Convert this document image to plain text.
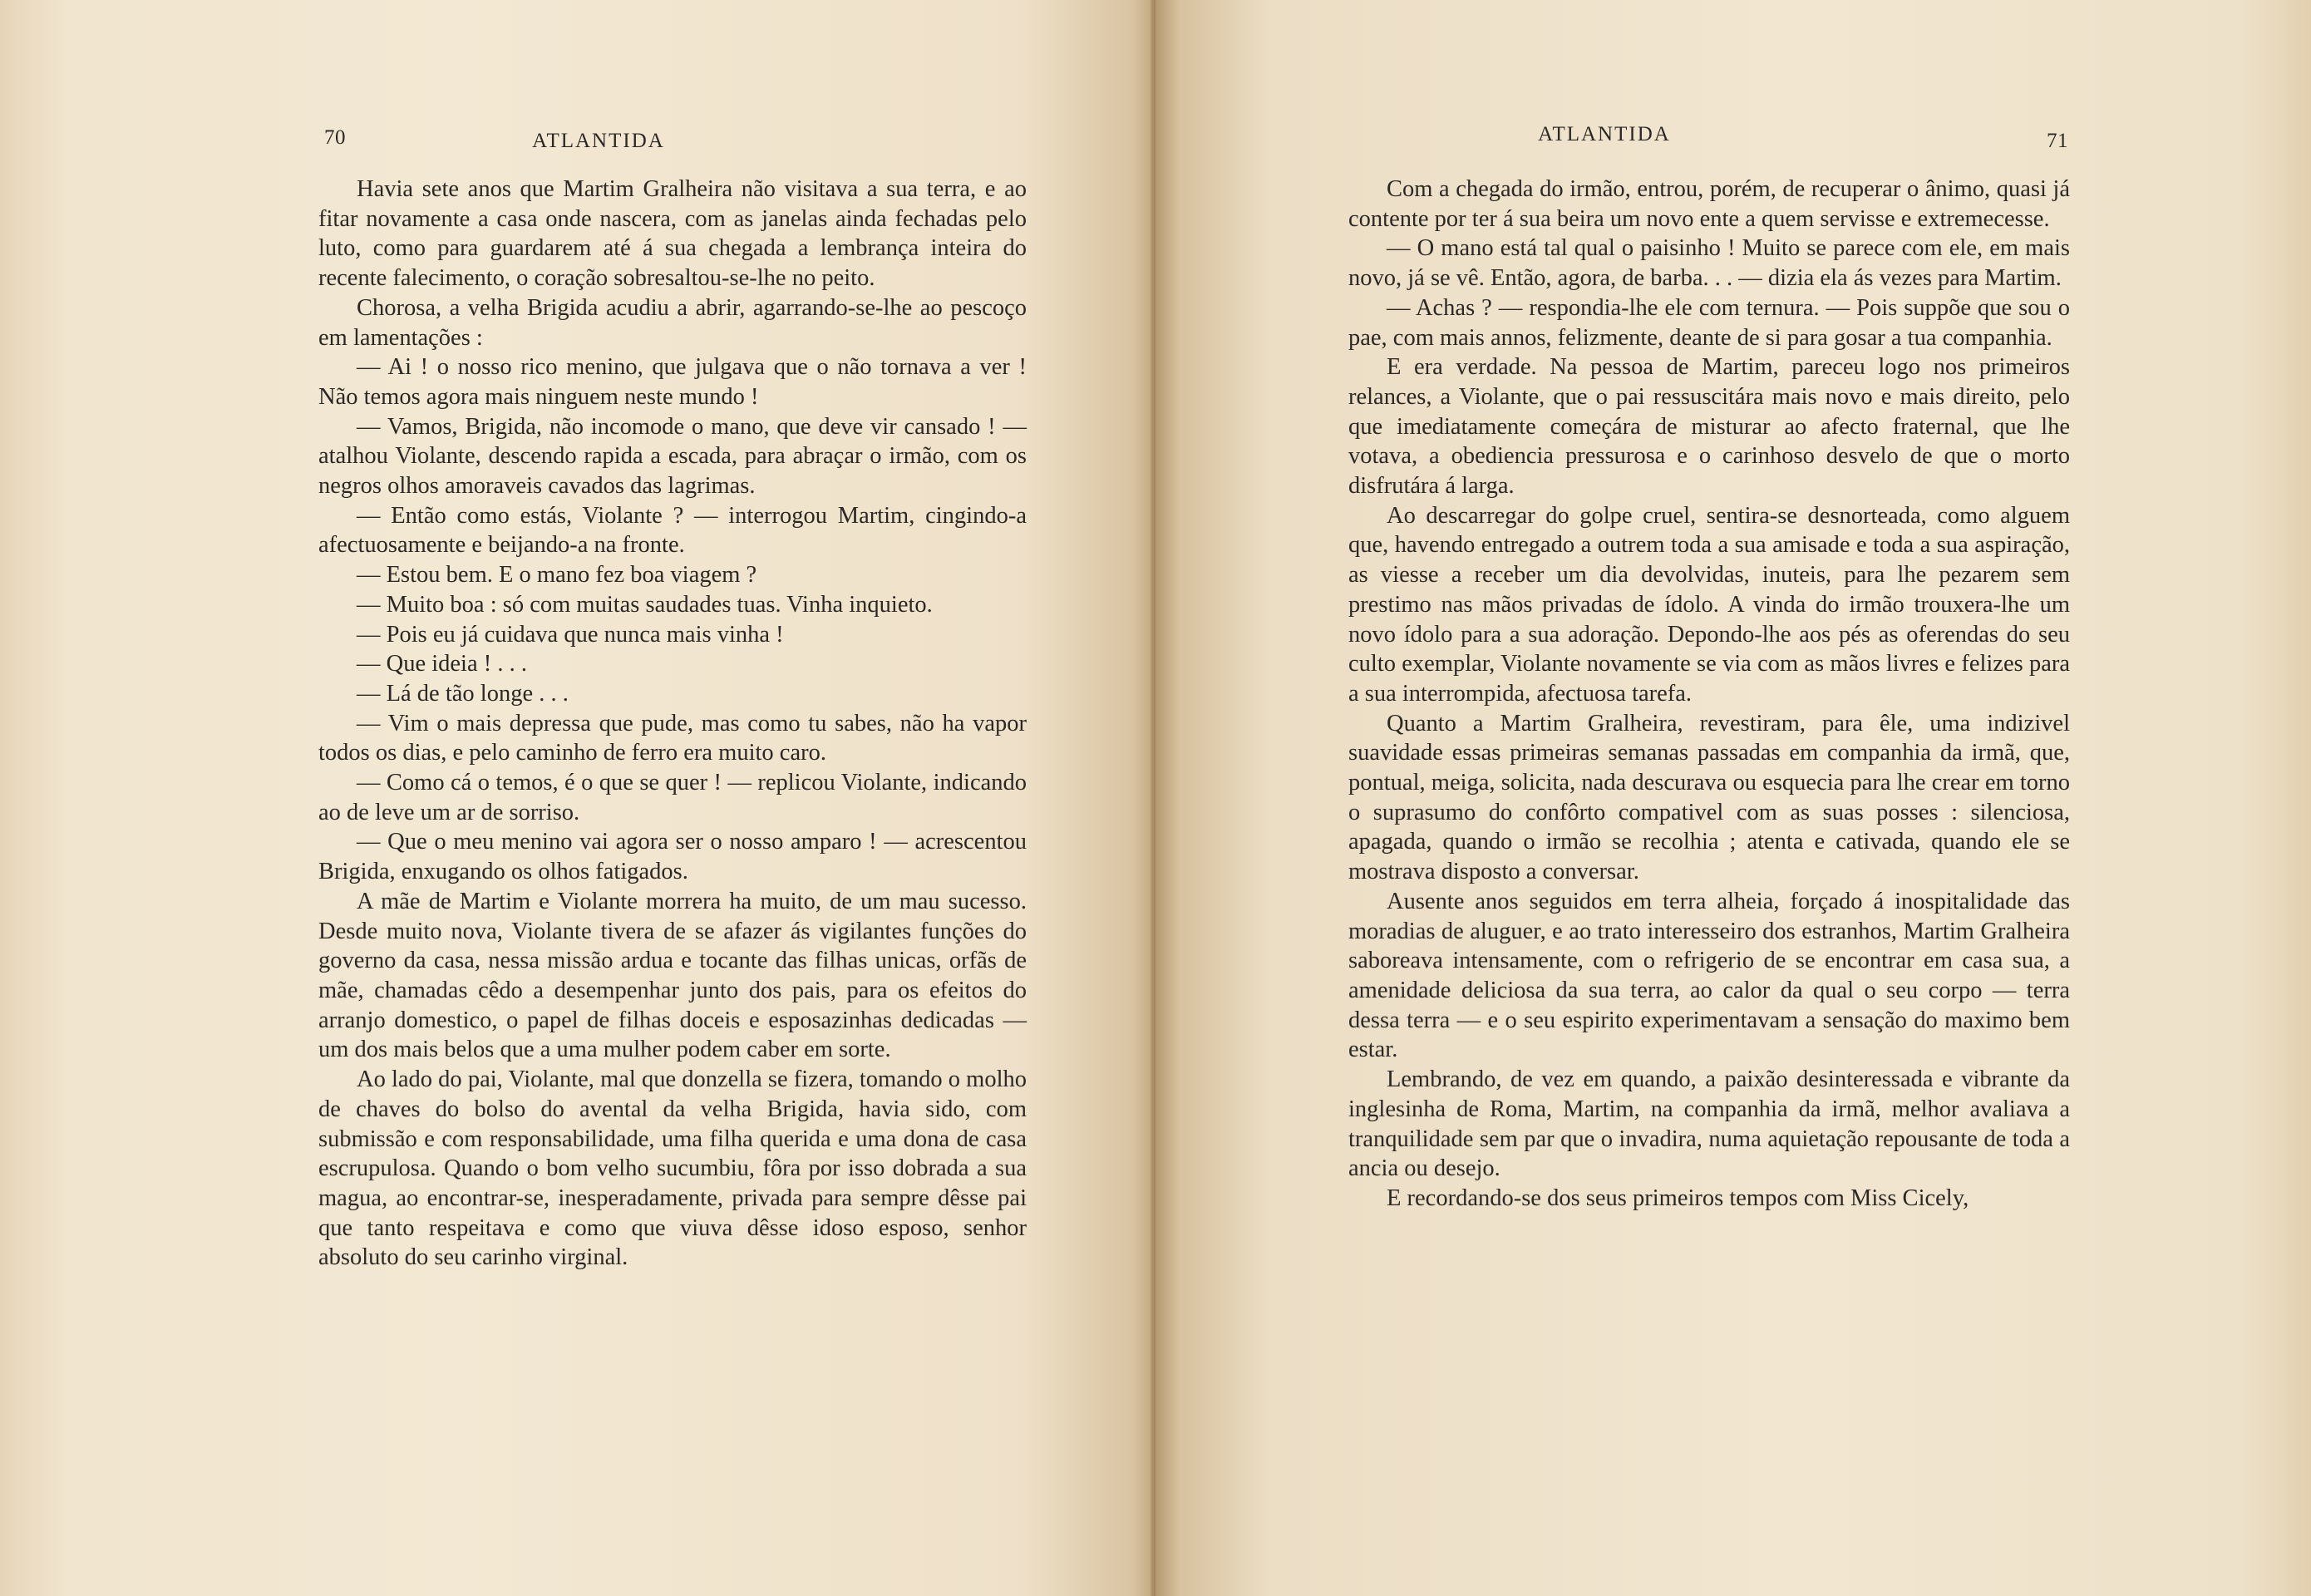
70	ATLANTIDA

Havia sete anos que Martim Gralheira não visitava a sua terra, e ao fitar novamente a casa onde nascera, com as janelas ainda fechadas pelo luto, como para guardarem até á sua chegada a lembrança inteira do recente falecimento, o coração sobresaltou-se-lhe no peito.

Chorosa, a velha Brigida acudiu a abrir, agarrando-se-lhe ao pescoço em lamentações :

— Ai ! o nosso rico menino, que julgava que o não tornava a ver ! Não temos agora mais ninguem neste mundo !

— Vamos, Brigida, não incomode o mano, que deve vir cansado ! — atalhou Violante, descendo rapida a escada, para abraçar o irmão, com os negros olhos amoraveis cavados das lagrimas.

— Então como estás, Violante ? — interrogou Martim, cingindo-a afectuosamente e beijando-a na fronte.

— Estou bem. E o mano fez boa viagem ?

— Muito boa : só com muitas saudades tuas. Vinha inquieto.

— Pois eu já cuidava que nunca mais vinha !

— Que ideia ! . . .

— Lá de tão longe . . .

— Vim o mais depressa que pude, mas como tu sabes, não ha vapor todos os dias, e pelo caminho de ferro era muito caro.

— Como cá o temos, é o que se quer ! — replicou Violante, indicando ao de leve um ar de sorriso.

— Que o meu menino vai agora ser o nosso amparo ! — acrescentou Brigida, enxugando os olhos fatigados.

A mãe de Martim e Violante morrera ha muito, de um mau sucesso. Desde muito nova, Violante tivera de se afazer ás vigilantes funções do governo da casa, nessa missão ardua e tocante das filhas unicas, orfãs de mãe, chamadas cêdo a desempenhar junto dos pais, para os efeitos do arranjo domestico, o papel de filhas doceis e esposazinhas dedicadas — um dos mais belos que a uma mulher podem caber em sorte.

Ao lado do pai, Violante, mal que donzella se fizera, tomando o molho de chaves do bolso do avental da velha Brigida, havia sido, com submissão e com responsabilidade, uma filha querida e uma dona de casa escrupulosa. Quando o bom velho sucumbiu, fôra por isso dobrada a sua magua, ao encontrar-se, inesperadamente, privada para sempre dêsse pai que tanto respeitava e como que viuva dêsse idoso esposo, senhor absoluto do seu carinho virginal.

ATLANTIDA	71

Com a chegada do irmão, entrou, porém, de recuperar o ânimo, quasi já contente por ter á sua beira um novo ente a quem servisse e extremecesse.

— O mano está tal qual o paisinho ! Muito se parece com ele, em mais novo, já se vê. Então, agora, de barba. . . — dizia ela ás vezes para Martim.

— Achas ? — respondia-lhe ele com ternura. — Pois suppõe que sou o pae, com mais annos, felizmente, deante de si para gosar a tua companhia.

E era verdade. Na pessoa de Martim, pareceu logo nos primeiros relances, a Violante, que o pai ressuscitára mais novo e mais direito, pelo que imediatamente começára de misturar ao afecto fraternal, que lhe votava, a obediencia pressurosa e o carinhoso desvelo de que o morto disfrutára á larga.

Ao descarregar do golpe cruel, sentira-se desnorteada, como alguem que, havendo entregado a outrem toda a sua amisade e toda a sua aspiração, as viesse a receber um dia devolvidas, inuteis, para lhe pezarem sem prestimo nas mãos privadas de ídolo. A vinda do irmão trouxera-lhe um novo ídolo para a sua adoração. Depondo-lhe aos pés as oferendas do seu culto exemplar, Violante novamente se via com as mãos livres e felizes para a sua interrompida, afectuosa tarefa.

Quanto a Martim Gralheira, revestiram, para êle, uma indizivel suavidade essas primeiras semanas passadas em companhia da irmã, que, pontual, meiga, solicita, nada descurava ou esquecia para lhe crear em torno o suprasumo do confôrto compativel com as suas posses : silenciosa, apagada, quando o irmão se recolhia ; atenta e cativada, quando ele se mostrava disposto a conversar.

Ausente anos seguidos em terra alheia, forçado á inospitalidade das moradias de aluguer, e ao trato interesseiro dos estranhos, Martim Gralheira saboreava intensamente, com o refrigerio de se encontrar em casa sua, a amenidade deliciosa da sua terra, ao calor da qual o seu corpo — terra dessa terra — e o seu espirito experimentavam a sensação do maximo bem estar.

Lembrando, de vez em quando, a paixão desinteressada e vibrante da inglesinha de Roma, Martim, na companhia da irmã, melhor avaliava a tranquilidade sem par que o invadira, numa aquietação repousante de toda a ancia ou desejo.

E recordando-se dos seus primeiros tempos com Miss Cicely,
